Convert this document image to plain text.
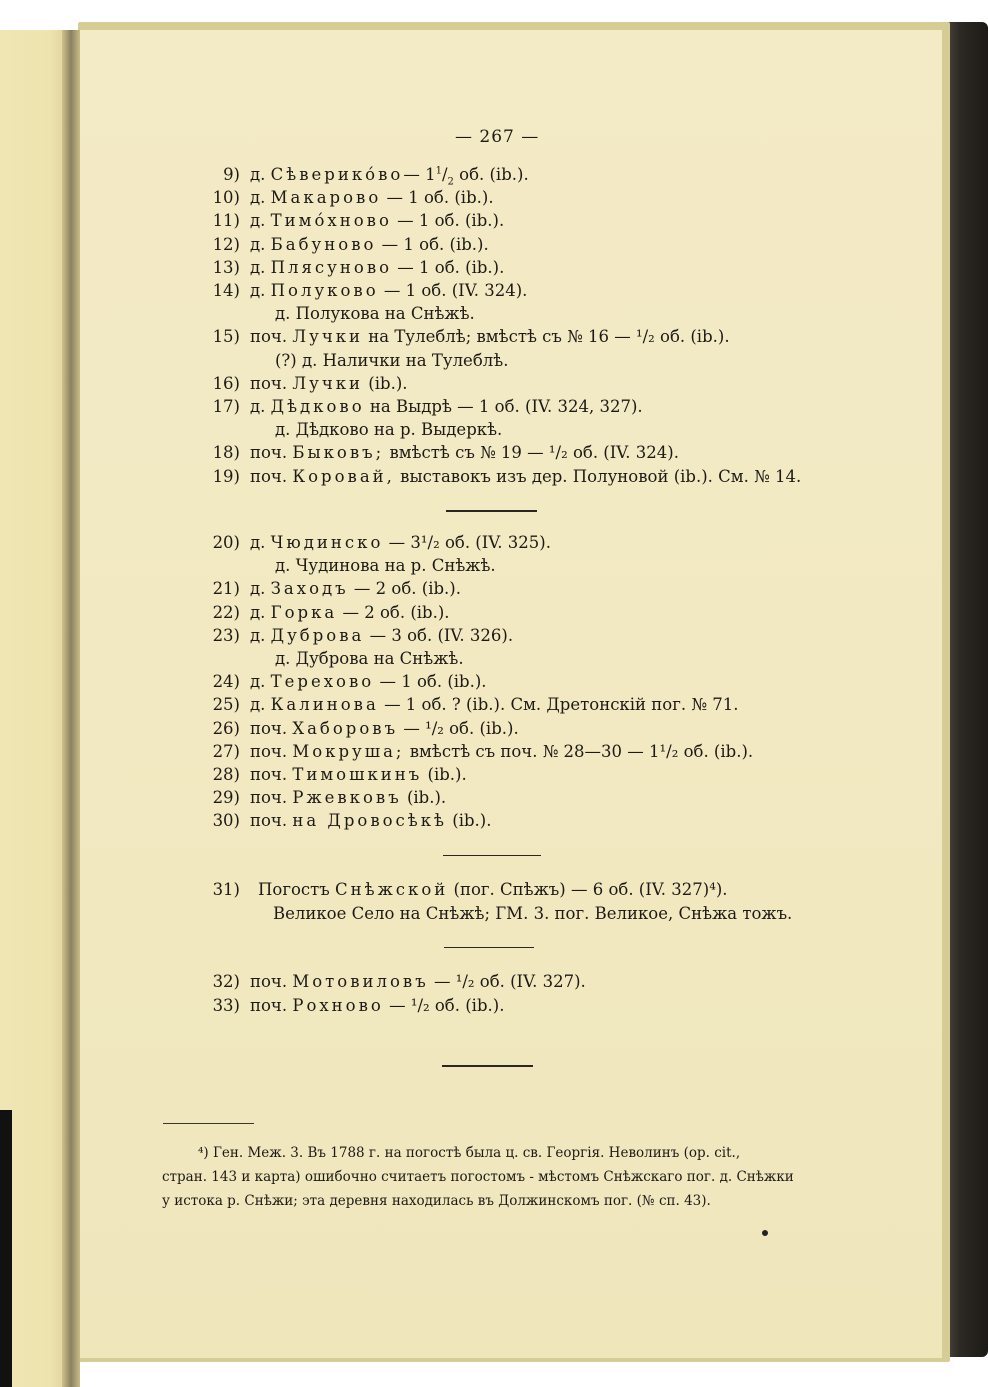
— 267 —
9) д. Сѣверико́во— $1^1/_2$ об. (ib.).
10) д. Макарово — 1 об. (ib.).
11) д. Тимо́хново — 1 об. (ib.).
12) д. Бабуново — 1 об. (ib.).
13) д. Плясуново — 1 об. (ib.).
14) д. Полуково — 1 об. (IV. 324).
д. Полукова на Снѣжѣ.
15) поч. Лучки на Тулеблѣ; вмѣстѣ съ № 16 — ¹/₂ об. (ib.).
(?) д. Налички на Тулеблѣ.
16) поч. Лучки (ib.).
17) д. Дѣдково на Выдрѣ — 1 об. (IV. 324, 327).
д. Дѣдково на р. Выдеркѣ.
18) поч. Быковъ; вмѣстѣ съ № 19 — ¹/₂ об. (IV. 324).
19) поч. Коровай, выставокъ изъ дер. Полуновой (ib.). См. № 14.
20) д. Чюдинско — 3¹/₂ об. (IV. 325).
д. Чудинова на р. Снѣжѣ.
21) д. Заходъ — 2 об. (ib.).
22) д. Горка — 2 об. (ib.).
23) д. Дуброва — 3 об. (IV. 326).
д. Дуброва на Снѣжѣ.
24) д. Терехово — 1 об. (ib.).
25) д. Калинова — 1 об. ? (ib.). См. Дретонскій пог. № 71.
26) поч. Хаборовъ — ¹/₂ об. (ib.).
27) поч. Мокруша; вмѣстѣ съ поч. № 28—30 — 1¹/₂ об. (ib.).
28) поч. Тимошкинъ (ib.).
29) поч. Ржевковъ (ib.).
30) поч. на Дровосѣкѣ (ib.).
31) Погостъ Снѣжской (пог. Спѣжъ) — 6 об. (IV. 327)⁴).
Великое Село на Снѣжѣ; ГМ. 3. пог. Великое, Снѣжа тожъ.
32) поч. Мотовиловъ — ¹/₂ об. (IV. 327).
33) поч. Рохново — ¹/₂ об. (ib.).
⁴) Ген. Меж. 3. Въ 1788 г. на погостѣ была ц. св. Георгія. Неволинъ (ор. cit.,
стран. 143 и карта) ошибочно считаетъ погостомъ - мѣстомъ Снѣжскаго пог. д. Снѣжки
у истока р. Снѣжи; эта деревня находилась въ Должинскомъ пог. (№ сп. 43).
